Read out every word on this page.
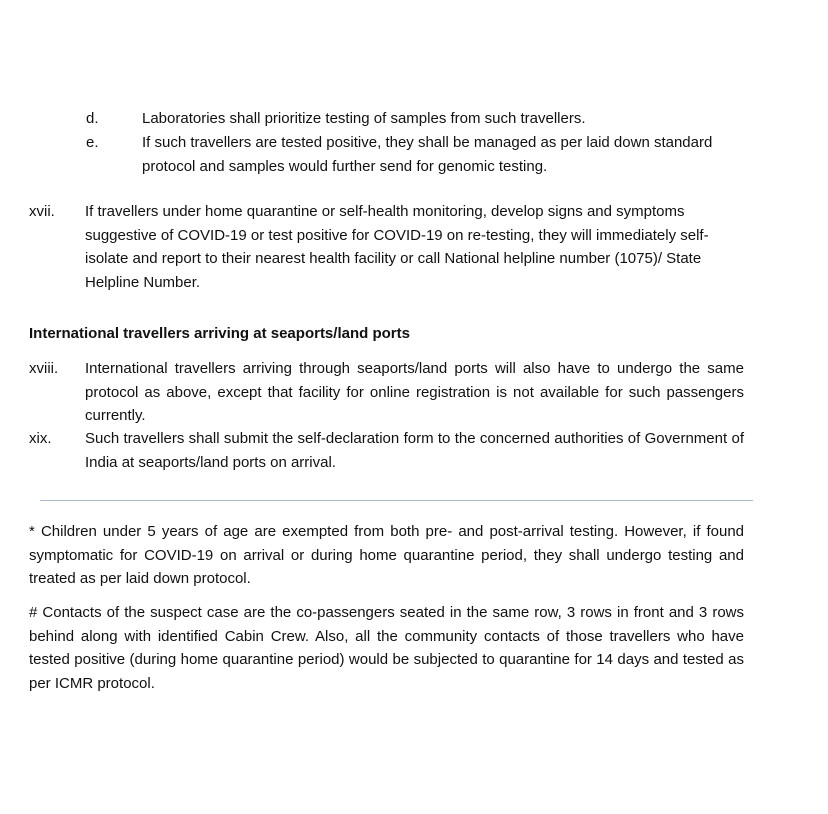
d.	Laboratories shall prioritize testing of samples from such travellers.
e.	If such travellers are tested positive, they shall be managed as per laid down standard protocol and samples would further send for genomic testing.
xvii.	If travellers under home quarantine or self-health monitoring, develop signs and symptoms suggestive of COVID-19 or test positive for COVID-19 on re-testing, they will immediately self-isolate and report to their nearest health facility or call National helpline number (1075)/ State Helpline Number.
International travellers arriving at seaports/land ports
xviii.	International travellers arriving through seaports/land ports will also have to undergo the same protocol as above, except that facility for online registration is not available for such passengers currently.
xix.	Such travellers shall submit the self-declaration form to the concerned authorities of Government of India at seaports/land ports on arrival.
* Children under 5 years of age are exempted from both pre- and post-arrival testing. However, if found symptomatic for COVID-19 on arrival or during home quarantine period, they shall undergo testing and treated as per laid down protocol.
# Contacts of the suspect case are the co-passengers seated in the same row, 3 rows in front and 3 rows behind along with identified Cabin Crew. Also, all the community contacts of those travellers who have tested positive (during home quarantine period) would be subjected to quarantine for 14 days and tested as per ICMR protocol.
